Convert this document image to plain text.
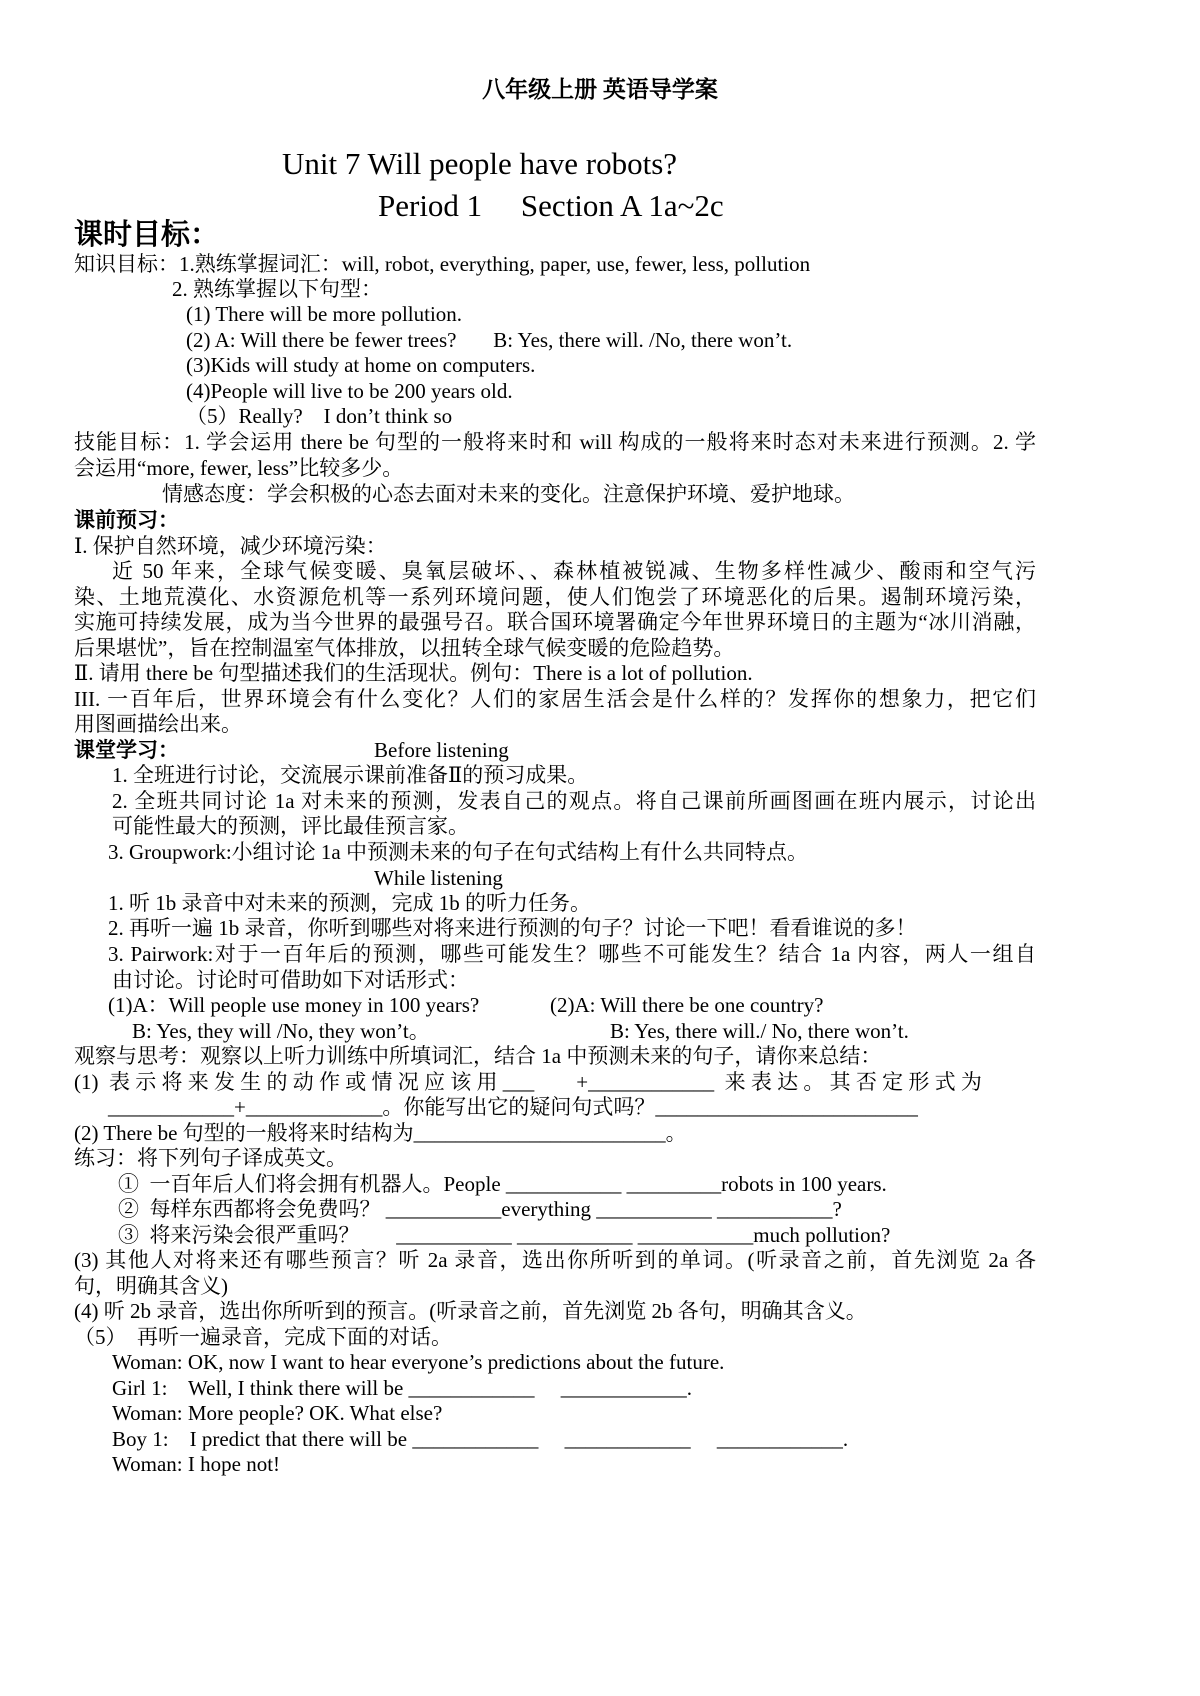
八年级上册 英语导学案
Unit 7 Will people have robots?
Period 1     Section A 1a~2c
课时目标：
知识目标：1.熟练掌握词汇：will, robot, everything, paper, use, fewer, less, pollution
2. 熟练掌握以下句型：
(1) There will be more pollution.
(2) A: Will there be fewer trees?       B: Yes, there will. /No, there won’t.
(3)Kids will study at home on computers.
(4)People will live to be 200 years old.
（5）Really?    I don’t think so
技能目标：1. 学会运用 there be 句型的一般将来时和 will 构成的一般将来时态对未来进行预测。2. 学
会运用“more, fewer, less”比较多少。
情感态度：学会积极的心态去面对未来的变化。注意保护环境、爱护地球。
课前预习：
Ⅰ. 保护自然环境，减少环境污染：
近 50 年来，全球气候变暖、臭氧层破坏、、森林植被锐减、生物多样性减少、酸雨和空气污
染、土地荒漠化、水资源危机等一系列环境问题，使人们饱尝了环境恶化的后果。遏制环境污染，
实施可持续发展，成为当今世界的最强号召。联合国环境署确定今年世界环境日的主题为“冰川消融，
后果堪忧”，旨在控制温室气体排放，以扭转全球气候变暖的危险趋势。
Ⅱ. 请用 there be 句型描述我们的生活现状。例句：There is a lot of pollution.
III. 一百年后，世界环境会有什么变化？人们的家居生活会是什么样的？发挥你的想象力，把它们
用图画描绘出来。
课堂学习：	Before listening
1. 全班进行讨论，交流展示课前准备Ⅱ的预习成果。
2. 全班共同讨论 1a 对未来的预测，发表自己的观点。将自己课前所画图画在班内展示，讨论出
可能性最大的预测，评比最佳预言家。
3. Groupwork:小组讨论 1a 中预测未来的句子在句式结构上有什么共同特点。
While listening
1. 听 1b 录音中对未来的预测，完成 1b 的听力任务。
2. 再听一遍 1b 录音，你听到哪些对将来进行预测的句子？讨论一下吧！看看谁说的多！
3. Pairwork:对于一百年后的预测，哪些可能发生？哪些不可能发生？结合 1a 内容，两人一组自
由讨论。讨论时可借助如下对话形式：
(1)A：Will people use money in 100 years?	(2)A: Will there be one country?
B: Yes, they will /No, they won’t。	B: Yes, there will./ No, there won’t.
观察与思考：观察以上听力训练中所填词汇，结合 1a 中预测未来的句子，请你来总结：
(1)  表 示 将 来 发 生 的 动 作 或 情 况 应 该 用 ___        +____________  来 表 达 。 其 否 定 形 式 为
____________+_____________。你能写出它的疑问句式吗？_________________________
(2) There be 句型的一般将来时结构为________________________。
练习：将下列句子译成英文。
①  一百年后人们将会拥有机器人。People ___________ _________robots in 100 years.
②  每样东西都将会免费吗？ ___________everything ___________ ___________?
③  将来污染会很严重吗？       ___________ ___________ ___________much pollution?
(3) 其他人对将来还有哪些预言？听 2a 录音，选出你所听到的单词。(听录音之前，首先浏览 2a 各
句，明确其含义)
(4) 听 2b 录音，选出你所听到的预言。(听录音之前，首先浏览 2b 各句，明确其含义。
（5）  再听一遍录音，完成下面的对话。
Woman: OK, now I want to hear everyone’s predictions about the future.
Girl 1:    Well, I think there will be ____________     ____________.
Woman: More people? OK. What else?
Boy 1:    I predict that there will be ____________     ____________     ____________.
Woman: I hope not!
